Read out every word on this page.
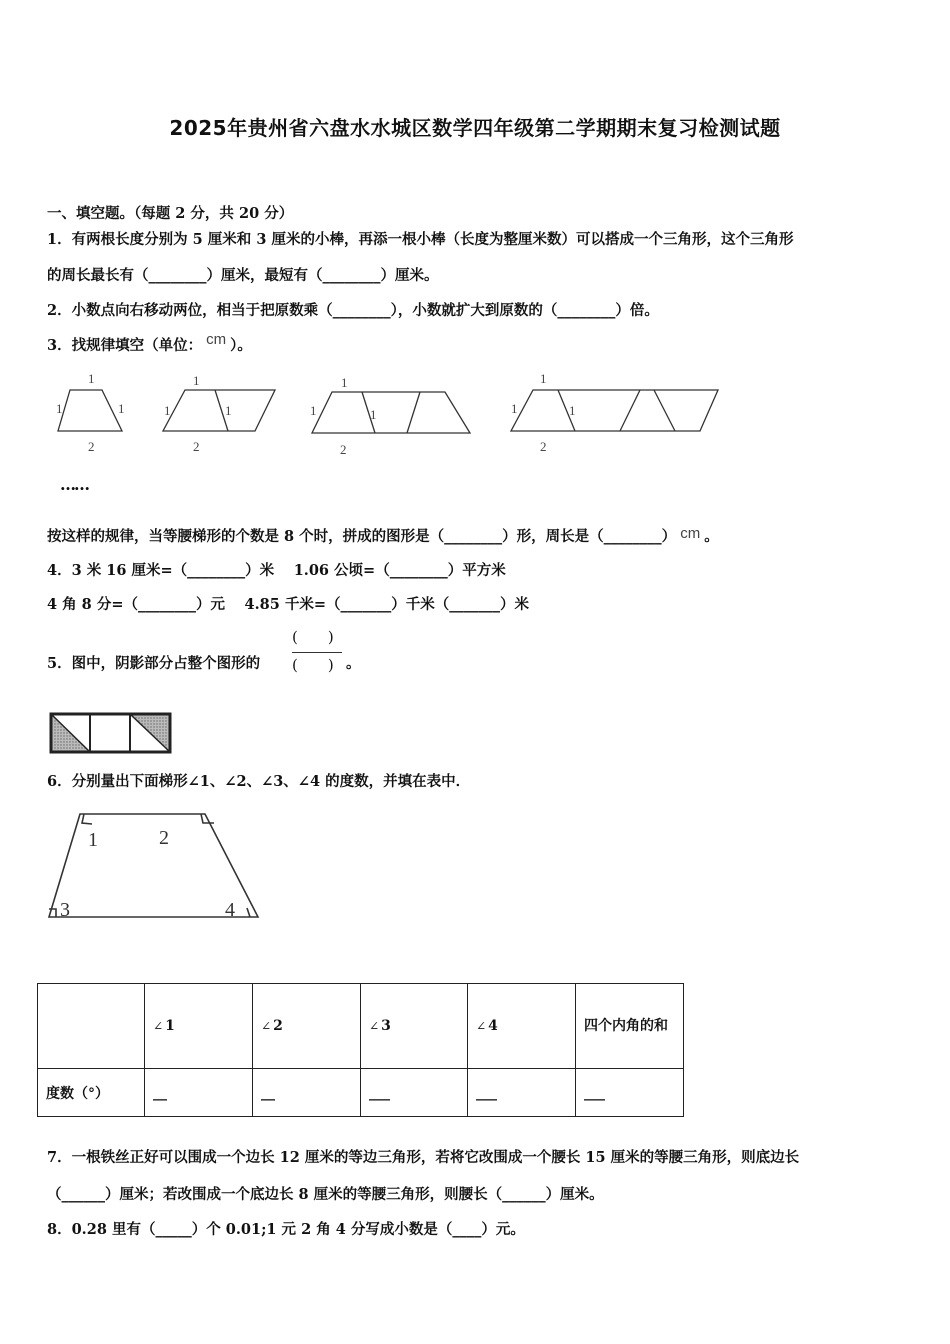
2025年贵州省六盘水水城区数学四年级第二学期期末复习检测试题
一、填空题。（每题 2 分，共 20 分）
1．有两根长度分别为 5 厘米和 3 厘米的小棒，再添一根小棒（长度为整厘米数）可以搭成一个三角形，这个三角形
的周长最长有（________）厘米，最短有（________）厘米。
2．小数点向右移动两位，相当于把原数乘（________），小数就扩大到原数的（________）倍。
3．找规律填空（单位： cm ）。
1
1	1
2
1
1	1
2
1
1	1
2
1
1	1
2
……
按这样的规律，当等腰梯形的个数是 8 个时，拼成的图形是（________）形，周长是（________） cm 。
4．3 米 16 厘米=（________）米　 1.06 公顷=（________）平方米
4 角 8 分=（________）元　 4.85 千米=（_______）千米（_______）米
5．图中，阴影部分占整个图形的
(　　)
(　　) 。
6．分别量出下面梯形∠1、∠2、∠3、∠4 的度数，并填在表中．
1	2
3	4
	∠ 1	∠ 2	∠ 3	∠ 4	四个内角的和
度数（°）	__	__	___	___	___
7．一根铁丝正好可以围成一个边长 12 厘米的等边三角形，若将它改围成一个腰长 15 厘米的等腰三角形，则底边长
（______）厘米；若改围成一个底边长 8 厘米的等腰三角形，则腰长（______）厘米。
8．0.28 里有（_____）个 0.01;1 元 2 角 4 分写成小数是（____）元。
